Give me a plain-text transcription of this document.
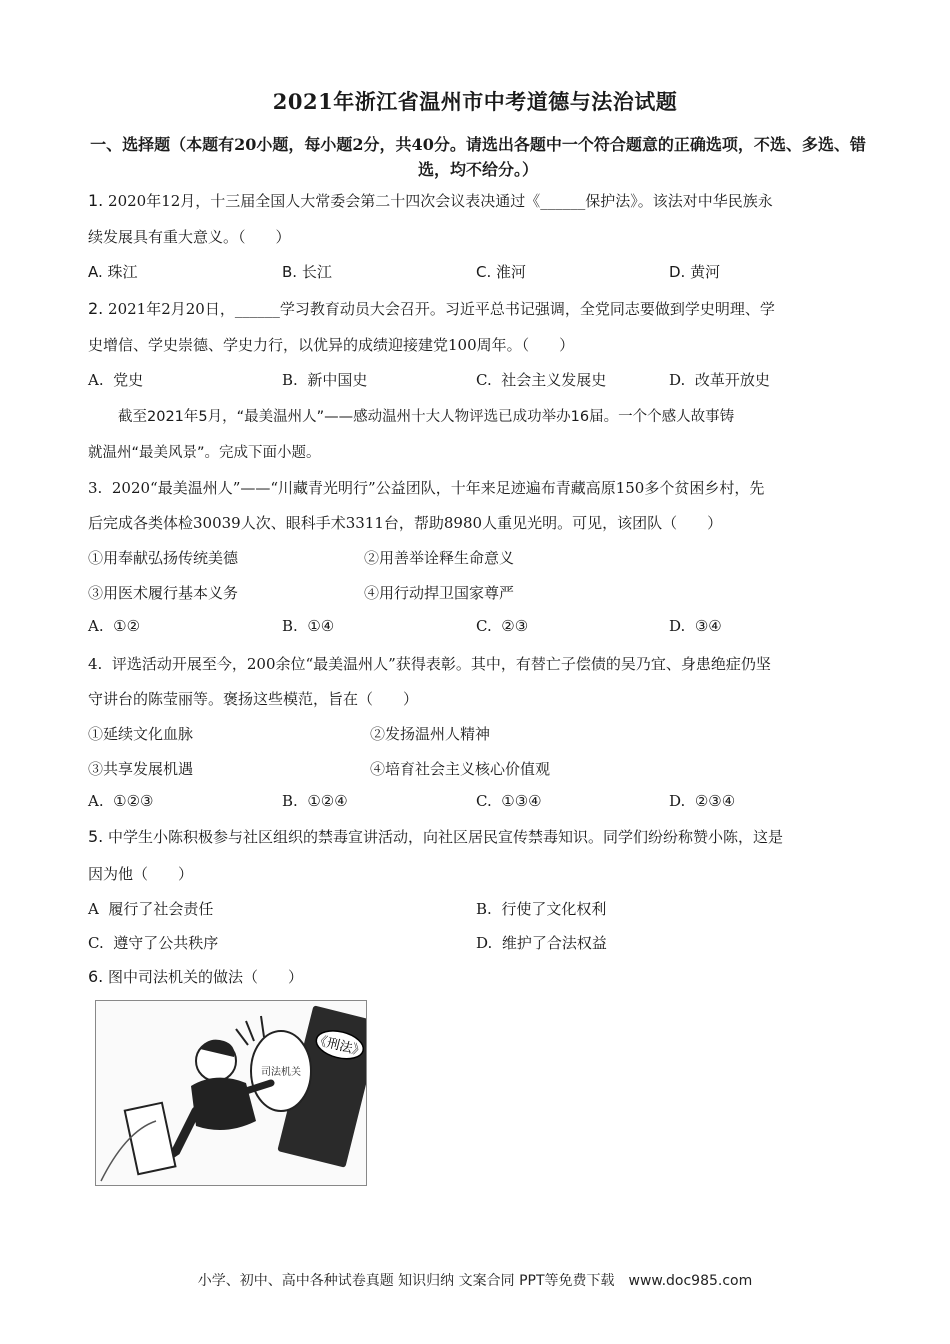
2021年浙江省温州市中考道德与法治试题
一、选择题（本题有20小题，每小题2分，共40分。请选出各题中一个符合题意的正确选项，不选、多选、错选，均不给分。）
1. 2020年12月，十三届全国人大常委会第二十四次会议表决通过《______保护法》。该法对中华民族永
续发展具有重大意义。（　　）
A. 珠江	B. 长江	C. 淮河	D. 黄河
2. 2021年2月20日，______学习教育动员大会召开。习近平总书记强调，全党同志要做到学史明理、学
史增信、学史崇德、学史力行，以优异的成绩迎接建党100周年。（　　）
A. 党史	B. 新中国史	C. 社会主义发展史	D. 改革开放史
截至2021年5月，“最美温州人”——感动温州十大人物评选已成功举办16届。一个个感人故事铸
就温州“最美风景”。完成下面小题。
3. 2020“最美温州人”——“川藏青光明行”公益团队，十年来足迹遍布青藏高原150多个贫困乡村，先
后完成各类体检30039人次、眼科手术3311台，帮助8980人重见光明。可见，该团队（　　）
①用奉献弘扬传统美德	②用善举诠释生命意义
③用医术履行基本义务	④用行动捍卫国家尊严
A. ①②	B. ①④	C. ②③	D. ③④
4. 评选活动开展至今，200余位“最美温州人”获得表彰。其中，有替亡子偿债的吴乃宜、身患绝症仍坚
守讲台的陈莹丽等。褒扬这些模范，旨在（　　）
①延续文化血脉	②发扬温州人精神
③共享发展机遇	④培育社会主义核心价值观
A. ①②③	B. ①②④	C. ①③④	D. ②③④
5. 中学生小陈积极参与社区组织的禁毒宣讲活动，向社区居民宣传禁毒知识。同学们纷纷称赞小陈，这是
因为他（　　）
A 履行了社会责任	B. 行使了文化权利
C. 遵守了公共秩序	D. 维护了合法权益
6. 图中司法机关的做法（　　）
《刑法》
司法机关
小学、初中、高中各种试卷真题 知识归纳 文案合同 PPT等免费下载　www.doc985.com
